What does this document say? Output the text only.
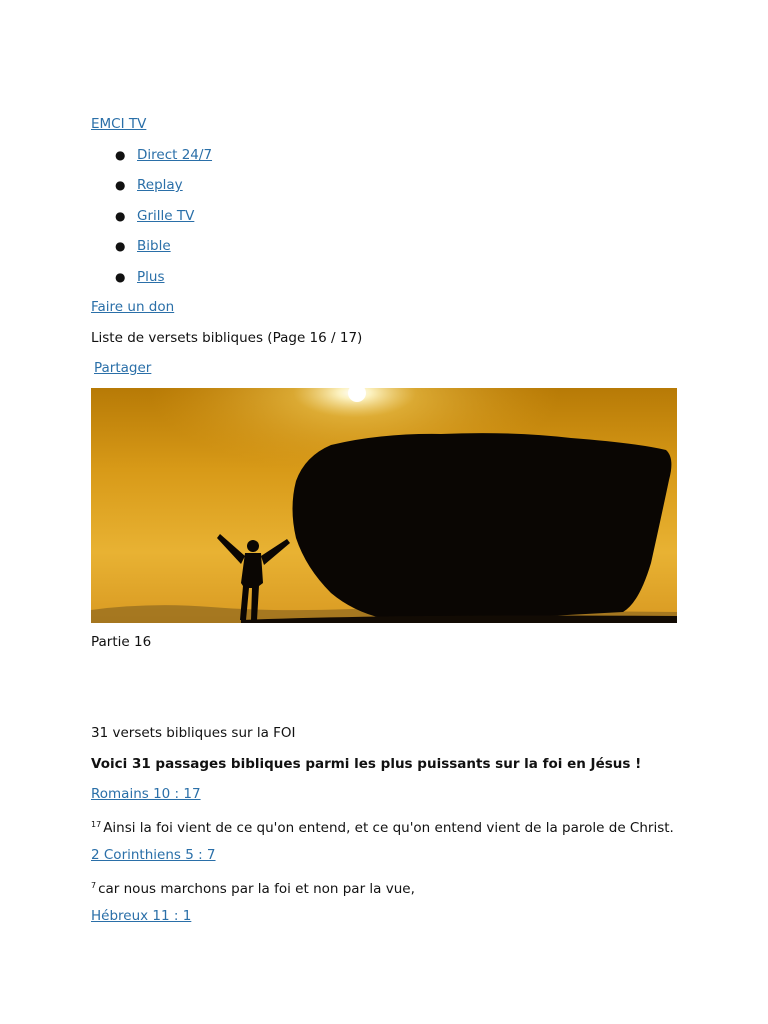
EMCI TV
● Direct 24/7
● Replay
● Grille TV
● Bible
● Plus
Faire un don
Liste de versets bibliques (Page 16 / 17)
Partager
Partie 16
31 versets bibliques sur la FOI
Voici 31 passages bibliques parmi les plus puissants sur la foi en Jésus !
Romains 10 : 17
$^{17}$ Ainsi la foi vient de ce qu'on entend, et ce qu'on entend vient de la parole de Christ.
2 Corinthiens 5 : 7
$^7$ car nous marchons par la foi et non par la vue,
Hébreux 11 : 1
